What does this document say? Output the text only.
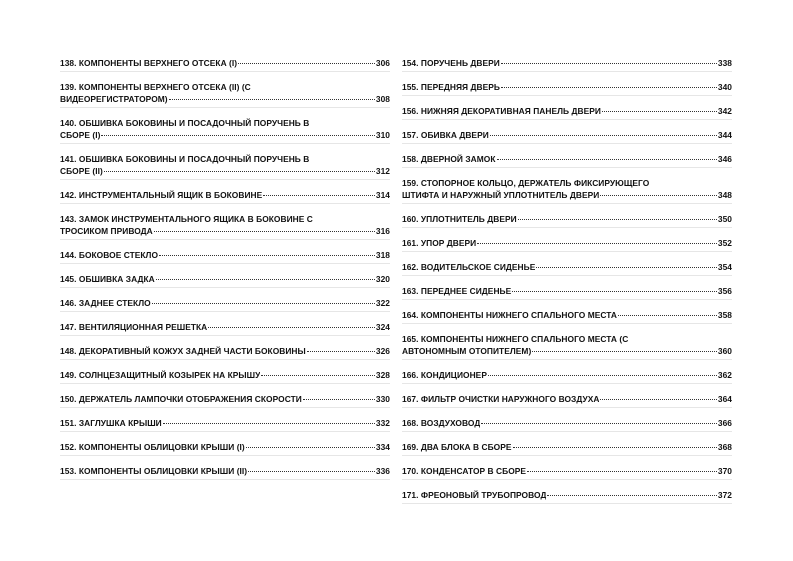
138. КОМПОНЕНТЫ ВЕРХНЕГО ОТСЕКА (I)	306
139. КОМПОНЕНТЫ ВЕРХНЕГО ОТСЕКА (II) (С
ВИДЕОРЕГИСТРАТОРОМ)	308
140. ОБШИВКА БОКОВИНЫ И ПОСАДОЧНЫЙ ПОРУЧЕНЬ В
СБОРЕ (I)	310
141. ОБШИВКА БОКОВИНЫ И ПОСАДОЧНЫЙ ПОРУЧЕНЬ В
СБОРЕ (II)	312
142. ИНСТРУМЕНТАЛЬНЫЙ ЯЩИК В БОКОВИНЕ	314
143. ЗАМОК ИНСТРУМЕНТАЛЬНОГО ЯЩИКА В БОКОВИНЕ С
ТРОСИКОМ ПРИВОДА	316
144. БОКОВОЕ СТЕКЛО	318
145. ОБШИВКА ЗАДКА	320
146. ЗАДНЕЕ СТЕКЛО	322
147. ВЕНТИЛЯЦИОННАЯ РЕШЕТКА	324
148. ДЕКОРАТИВНЫЙ КОЖУХ ЗАДНЕЙ ЧАСТИ БОКОВИНЫ	326
149. СОЛНЦЕЗАЩИТНЫЙ КОЗЫРЕК НА КРЫШУ	328
150. ДЕРЖАТЕЛЬ ЛАМПОЧКИ ОТОБРАЖЕНИЯ СКОРОСТИ	330
151. ЗАГЛУШКА КРЫШИ	332
152. КОМПОНЕНТЫ ОБЛИЦОВКИ КРЫШИ (I)	334
153. КОМПОНЕНТЫ ОБЛИЦОВКИ КРЫШИ (II)	336
154. ПОРУЧЕНЬ ДВЕРИ	338
155. ПЕРЕДНЯЯ ДВЕРЬ	340
156. НИЖНЯЯ ДЕКОРАТИВНАЯ ПАНЕЛЬ ДВЕРИ	342
157. ОБИВКА ДВЕРИ	344
158. ДВЕРНОЙ ЗАМОК	346
159. СТОПОРНОЕ КОЛЬЦО, ДЕРЖАТЕЛЬ ФИКСИРУЮЩЕГО
ШТИФТА И НАРУЖНЫЙ УПЛОТНИТЕЛЬ ДВЕРИ	348
160. УПЛОТНИТЕЛЬ ДВЕРИ	350
161. УПОР ДВЕРИ	352
162. ВОДИТЕЛЬСКОЕ СИДЕНЬЕ	354
163. ПЕРЕДНЕЕ СИДЕНЬЕ	356
164. КОМПОНЕНТЫ НИЖНЕГО СПАЛЬНОГО МЕСТА	358
165. КОМПОНЕНТЫ НИЖНЕГО СПАЛЬНОГО МЕСТА (С
АВТОНОМНЫМ ОТОПИТЕЛЕМ)	360
166. КОНДИЦИОНЕР	362
167. ФИЛЬТР ОЧИСТКИ НАРУЖНОГО ВОЗДУХА	364
168. ВОЗДУХОВОД	366
169. ДВА БЛОКА В СБОРЕ	368
170. КОНДЕНСАТОР В СБОРЕ	370
171. ФРЕОНОВЫЙ ТРУБОПРОВОД	372
